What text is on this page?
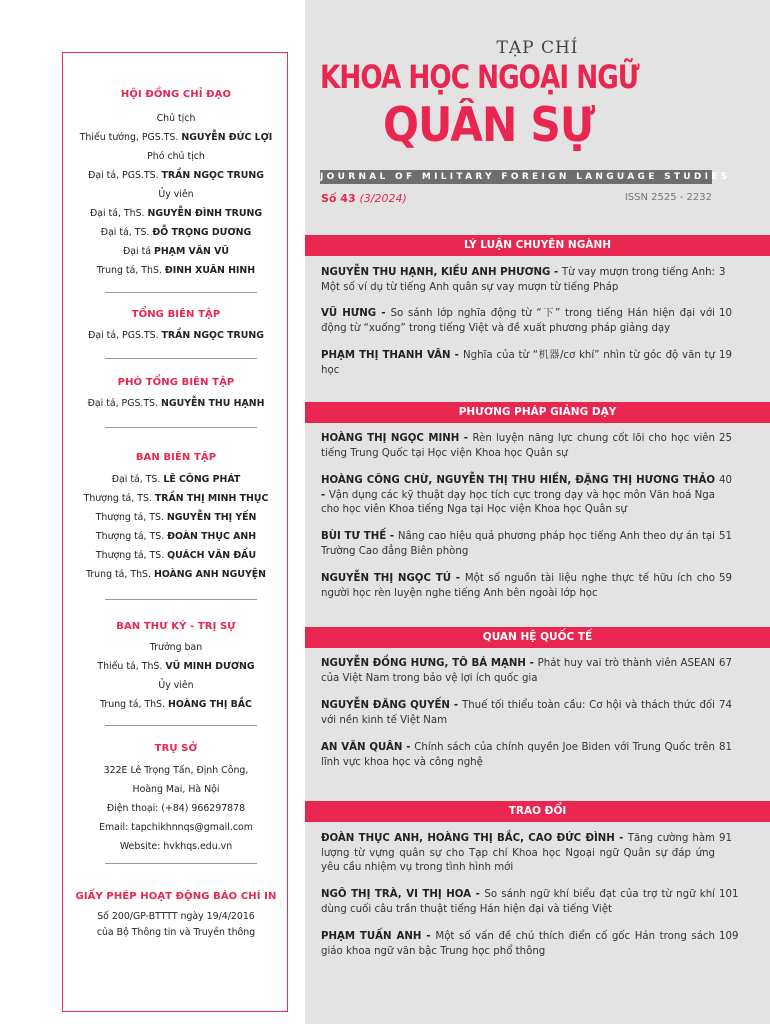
HỘI ĐỒNG CHỈ ĐẠO
Chủ tịch
Thiếu tướng, PGS.TS. NGUYỄN ĐỨC LỢI
Phó chủ tịch
Đại tá, PGS.TS. TRẦN NGỌC TRUNG
Ủy viên
Đại tá, ThS. NGUYỄN ĐÌNH TRUNG
Đại tá, TS. ĐỖ TRỌNG DƯƠNG
Đại tá PHẠM VĂN VŨ
Trung tá, ThS. ĐINH XUÂN HINH
TỔNG BIÊN TẬP
Đại tá, PGS.TS. TRẦN NGỌC TRUNG
PHÓ TỔNG BIÊN TẬP
Đại tá, PGS.TS. NGUYỄN THU HẠNH
BAN BIÊN TẬP
Đại tá, TS. LÊ CÔNG PHÁT
Thượng tá, TS. TRẦN THỊ MINH THỤC
Thượng tá, TS. NGUYỄN THỊ YẾN
Thượng tá, TS. ĐOÀN THỤC ANH
Thượng tá, TS. QUÁCH VĂN ĐẤU
Trung tá, ThS. HOÀNG ANH NGUYỆN
BAN THƯ KÝ - TRỊ SỰ
Trưởng ban
Thiếu tá, ThS. VŨ MINH DƯƠNG
Ủy viên
Trung tá, ThS. HOÀNG THỊ BẮC
TRỤ SỞ
322E Lê Trọng Tấn, Định Công,
Hoàng Mai, Hà Nội
Điện thoại: (+84) 966297878
Email: tapchikhnnqs@gmail.com
Website: hvkhqs.edu.vn
GIẤY PHÉP HOẠT ĐỘNG BÁO CHÍ IN
Số 200/GP-BTTTT ngày 19/4/2016
của Bộ Thông tin và Truyền thông
TẠP CHÍ
KHOA HỌC NGOẠI NGỮ
QUÂN SỰ
JOURNAL OF MILITARY FOREIGN LANGUAGE STUDIES
Số 43 (3/2024)	ISSN 2525 - 2232
LÝ LUẬN CHUYÊN NGÀNH
NGUYỄN THU HẠNH, KIỀU ANH PHƯƠNG - Từ vay mượn trong tiếng Anh: Một số ví dụ từ tiếng Anh quân sự vay mượn từ tiếng Pháp
3
VŨ HƯNG - So sánh lớp nghĩa động từ “下” trong tiếng Hán hiện đại với động từ “xuống” trong tiếng Việt và đề xuất phương pháp giảng dạy
10
PHẠM THỊ THANH VÂN - Nghĩa của từ “机器/cơ khí” nhìn từ góc độ văn tự học
19
PHƯƠNG PHÁP GIẢNG DẠY
HOÀNG THỊ NGỌC MINH - Rèn luyện năng lực chung cốt lõi cho học viên tiếng Trung Quốc tại Học viện Khoa học Quân sự
25
HOÀNG CÔNG CHỪ, NGUYỄN THỊ THU HIỀN, ĐẶNG THỊ HƯƠNG THẢO - Vận dụng các kỹ thuật dạy học tích cực trong dạy và học môn Văn hoá Nga cho học viên Khoa tiếng Nga tại Học viện Khoa học Quân sự
40
BÙI TƯ THẾ - Nâng cao hiệu quả phương pháp học tiếng Anh theo dự án tại Trường Cao đẳng Biên phòng
51
NGUYỄN THỊ NGỌC TÚ - Một số nguồn tài liệu nghe thực tế hữu ích cho người học rèn luyện nghe tiếng Anh bên ngoài lớp học
59
QUAN HỆ QUỐC TẾ
NGUYỄN ĐỒNG HƯNG, TÔ BÁ MẠNH - Phát huy vai trò thành viên ASEAN của Việt Nam trong bảo vệ lợi ích quốc gia
67
NGUYỄN ĐĂNG QUYẾN - Thuế tối thiểu toàn cầu: Cơ hội và thách thức đối với nền kinh tế Việt Nam
74
AN VĂN QUÂN - Chính sách của chính quyền Joe Biden với Trung Quốc trên lĩnh vực khoa học và công nghệ
81
TRAO ĐỔI
ĐOÀN THỤC ANH, HOÀNG THỊ BẮC, CAO ĐỨC ĐÌNH - Tăng cường hàm lượng từ vựng quân sự cho Tạp chí Khoa học Ngoại ngữ Quân sự đáp ứng yêu cầu nhiệm vụ trong tình hình mới
91
NGÔ THỊ TRÀ, VI THỊ HOA - So sánh ngữ khí biểu đạt của trợ từ ngữ khí dùng cuối câu trần thuật tiếng Hán hiện đại và tiếng Việt
101
PHẠM TUẤN ANH - Một số vấn đề chú thích điển cố gốc Hán trong sách giáo khoa ngữ văn bậc Trung học phổ thông
109
